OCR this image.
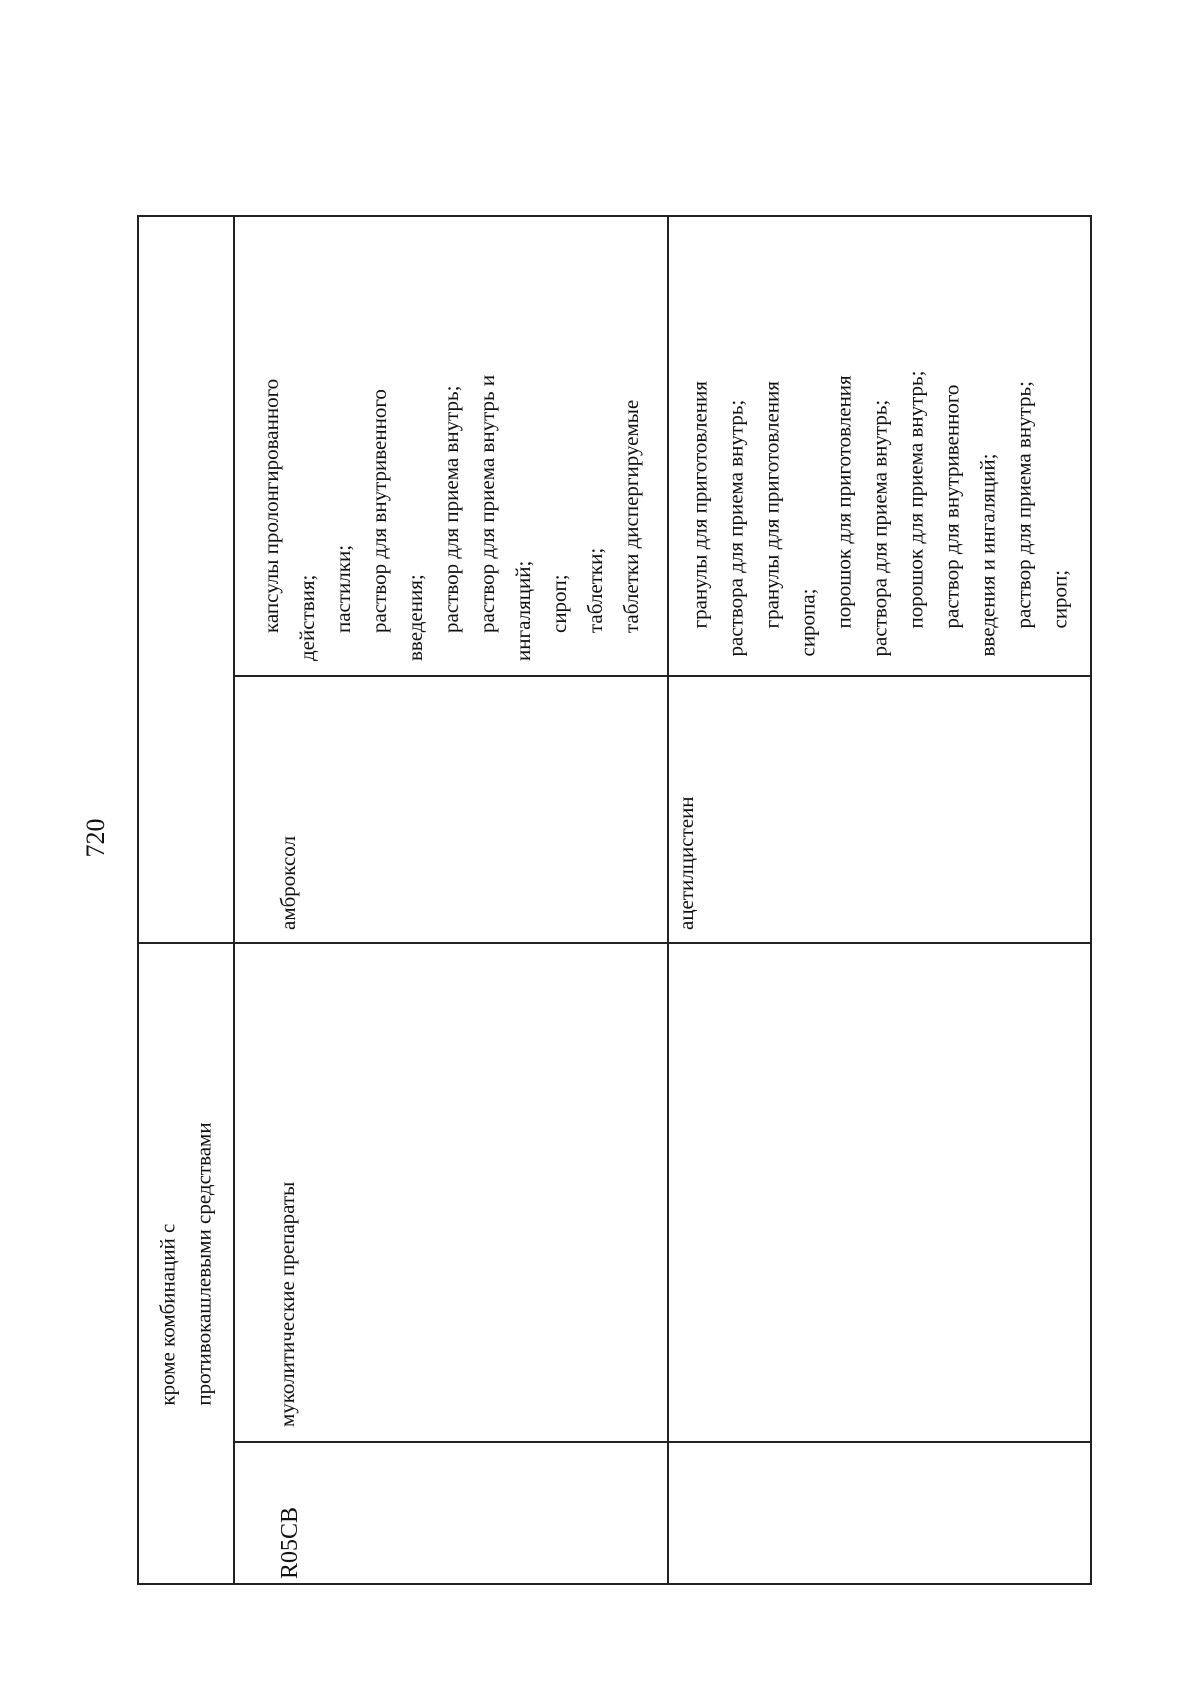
720
кроме комбинаций с противокашлевыми средствами
R05CB
муколитические препараты
амброксол
капсулы пролонгированного действия; пастилки; раствор для внутривенного введения; раствор для приема внутрь; раствор для приема внутрь и ингаляций; сироп; таблетки; таблетки диспергируемые
ацетилцистеин
гранулы для приготовления раствора для приема внутрь; гранулы для приготовления сиропа; порошок для приготовления раствора для приема внутрь; порошок для приема внутрь; раствор для внутривенного введения и ингаляций; раствор для приема внутрь; сироп;
